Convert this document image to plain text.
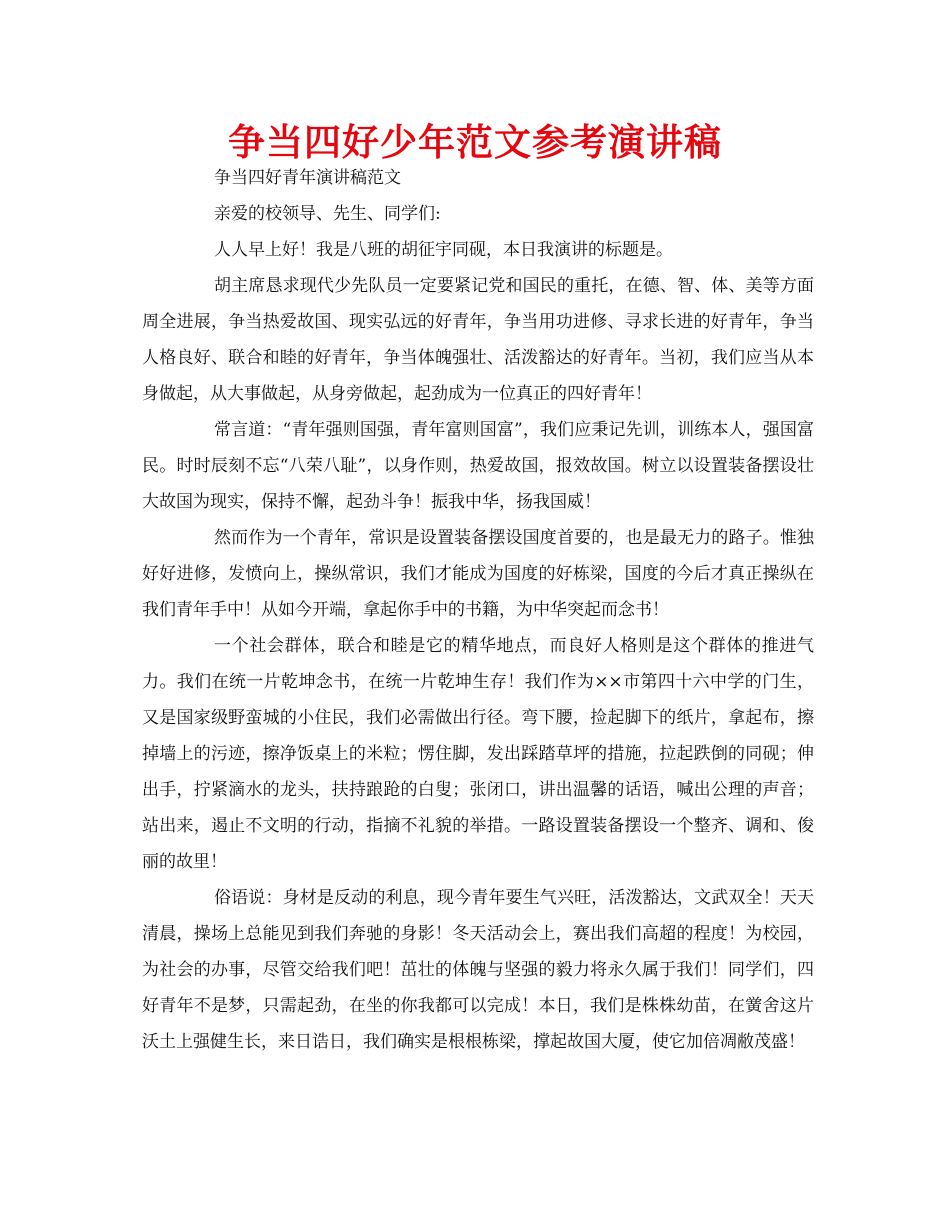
争当四好少年范文参考演讲稿

争当四好青年演讲稿范文

亲爱的校领导、先生、同学们:

人人早上好！我是八班的胡征宇同砚，本日我演讲的标题是。

胡主席恳求现代少先队员一定要紧记党和国民的重托，在德、智、体、美等方面周全进展，争当热爱故国、现实弘远的好青年，争当用功进修、寻求长进的好青年，争当人格良好、联合和睦的好青年，争当体魄强壮、活泼豁达的好青年。当初，我们应当从本身做起，从大事做起，从身旁做起，起劲成为一位真正的四好青年！

常言道：“青年强则国强，青年富则国富”，我们应秉记先训，训练本人，强国富民。时时辰刻不忘“八荣八耻”，以身作则，热爱故国，报效故国。树立以设置装备摆设壮大故国为现实，保持不懈，起劲斗争！振我中华，扬我国威！

然而作为一个青年，常识是设置装备摆设国度首要的，也是最无力的路子。惟独好好进修，发愤向上，操纵常识，我们才能成为国度的好栋梁，国度的今后才真正操纵在我们青年手中！从如今开端，拿起你手中的书籍，为中华突起而念书！

一个社会群体，联合和睦是它的精华地点，而良好人格则是这个群体的推进气力。我们在统一片乾坤念书，在统一片乾坤生存！我们作为××市第四十六中学的门生，又是国家级野蛮城的小住民，我们必需做出行径。弯下腰，捡起脚下的纸片，拿起布，擦掉墙上的污迹，擦净饭桌上的米粒；愣住脚，发出踩踏草坪的措施，拉起跌倒的同砚；伸出手，拧紧滴水的龙头，扶持踉跄的白叟；张闭口，讲出温馨的话语，喊出公理的声音；站出来，遏止不文明的行动，指摘不礼貌的举措。一路设置装备摆设一个整齐、调和、俊丽的故里！

俗语说：身材是反动的利息，现今青年要生气兴旺，活泼豁达，文武双全！天天清晨，操场上总能见到我们奔驰的身影！冬天活动会上，赛出我们高超的程度！为校园，为社会的办事，尽管交给我们吧！茁壮的体魄与坚强的毅力将永久属于我们！同学们，四好青年不是梦，只需起劲，在坐的你我都可以完成！本日，我们是株株幼苗，在黉舍这片沃土上强健生长，来日诰日，我们确实是根根栋梁，撑起故国大厦，使它加倍凋敝茂盛！
